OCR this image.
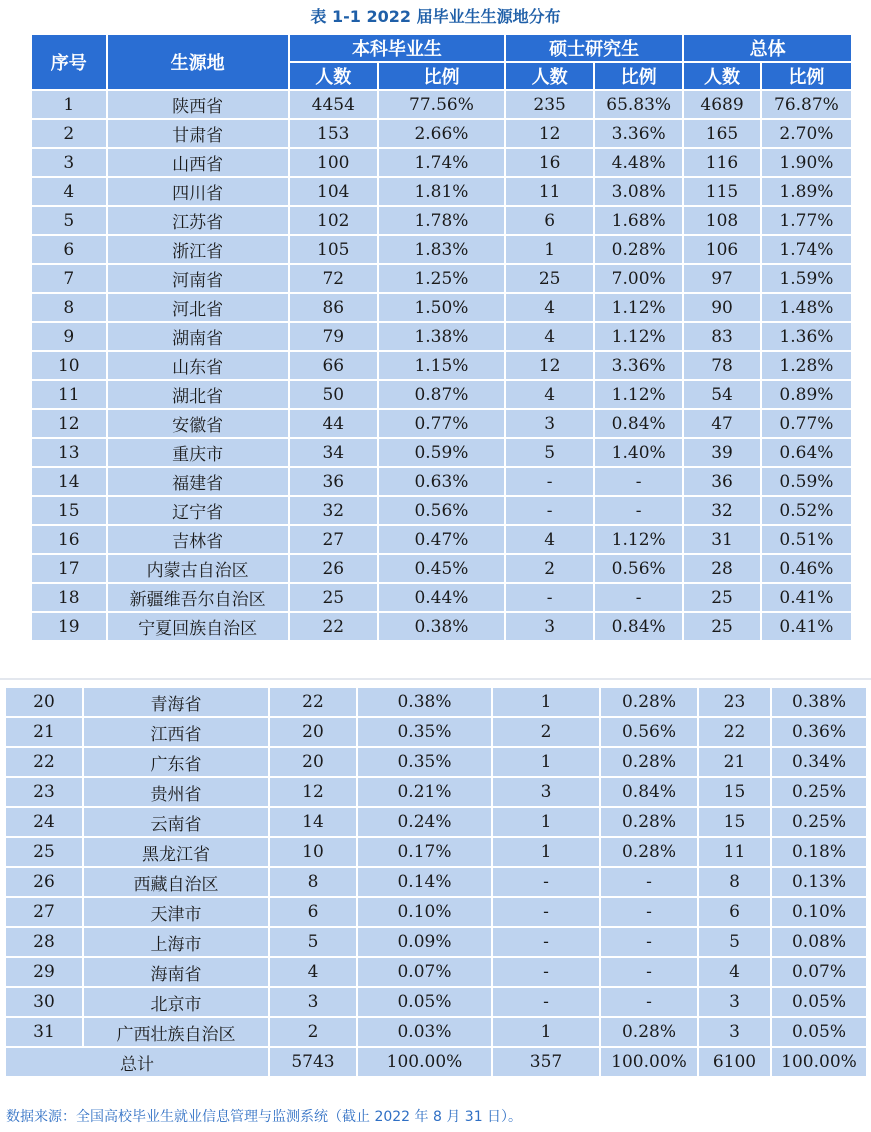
表 1-1 2022 届毕业生生源地分布
序号	生源地	本科毕业生		硕士研究生		总体	
		人数	比例	人数	比例	人数	比例
1	陕西省	4454	77.56%	235	65.83%	4689	76.87%
2	甘肃省	153	2.66%	12	3.36%	165	2.70%
3	山西省	100	1.74%	16	4.48%	116	1.90%
4	四川省	104	1.81%	11	3.08%	115	1.89%
5	江苏省	102	1.78%	6	1.68%	108	1.77%
6	浙江省	105	1.83%	1	0.28%	106	1.74%
7	河南省	72	1.25%	25	7.00%	97	1.59%
8	河北省	86	1.50%	4	1.12%	90	1.48%
9	湖南省	79	1.38%	4	1.12%	83	1.36%
10	山东省	66	1.15%	12	3.36%	78	1.28%
11	湖北省	50	0.87%	4	1.12%	54	0.89%
12	安徽省	44	0.77%	3	0.84%	47	0.77%
13	重庆市	34	0.59%	5	1.40%	39	0.64%
14	福建省	36	0.63%	-	-	36	0.59%
15	辽宁省	32	0.56%	-	-	32	0.52%
16	吉林省	27	0.47%	4	1.12%	31	0.51%
17	内蒙古自治区	26	0.45%	2	0.56%	28	0.46%
18	新疆维吾尔自治区	25	0.44%	-	-	25	0.41%
19	宁夏回族自治区	22	0.38%	3	0.84%	25	0.41%
20	青海省	22	0.38%	1	0.28%	23	0.38%
21	江西省	20	0.35%	2	0.56%	22	0.36%
22	广东省	20	0.35%	1	0.28%	21	0.34%
23	贵州省	12	0.21%	3	0.84%	15	0.25%
24	云南省	14	0.24%	1	0.28%	15	0.25%
25	黑龙江省	10	0.17%	1	0.28%	11	0.18%
26	西藏自治区	8	0.14%	-	-	8	0.13%
27	天津市	6	0.10%	-	-	6	0.10%
28	上海市	5	0.09%	-	-	5	0.08%
29	海南省	4	0.07%	-	-	4	0.07%
30	北京市	3	0.05%	-	-	3	0.05%
31	广西壮族自治区	2	0.03%	1	0.28%	3	0.05%
总计		5743	100.00%	357	100.00%	6100	100.00%
数据来源：全国高校毕业生就业信息管理与监测系统（截止 2022 年 8 月 31 日）。
